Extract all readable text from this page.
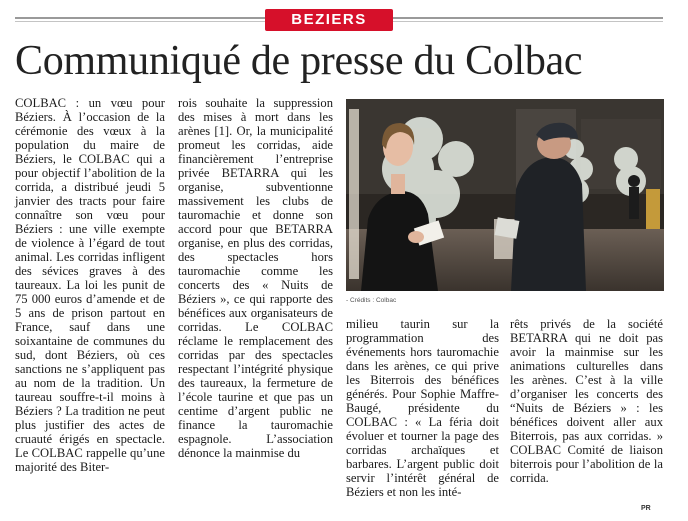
BEZIERS
Communiqué de presse du Colbac

COLBAC : un vœu pour Béziers. À l’occasion de la cérémonie des vœux à la population du maire de Béziers, le COLBAC qui a pour objectif l’abolition de la corrida, a distribué jeudi 5 janvier des tracts pour faire connaître son vœu pour Béziers : une ville exempte de violence à l’égard de tout animal. Les corridas infligent des sévices graves à des taureaux. La loi les punit de 75 000 euros d’amende et de 5 ans de prison partout en France, sauf dans une soixantaine de communes du sud, dont Béziers, où ces sanctions ne s’appliquent pas au nom de la tradition. Un taureau souffre-t-il moins à Béziers ? La tradition ne peut plus justifier des actes de cruauté érigés en spectacle. Le COLBAC rappelle qu’une majorité des Biter-

rois souhaite la suppression des mises à mort dans les arènes [1]. Or, la municipalité promeut les corridas, aide financièrement l’entreprise privée BETARRA qui les organise, subventionne massivement les clubs de tauromachie et donne son accord pour que BETARRA organise, en plus des corridas, des spectacles hors tauromachie comme les concerts des « Nuits de Béziers », ce qui rapporte des bénéfices aux organisateurs de corridas. Le COLBAC réclame le remplacement des corridas par des spectacles respectant l’intégrité physique des taureaux, la fermeture de l’école taurine et que pas un centime d’argent public ne finance la tauromachie espagnole. L’association dénonce la mainmise du

- Crédits : Colbac

milieu taurin sur la programmation des événements hors tauromachie dans les arènes, ce qui prive les Biterrois des bénéfices générés. Pour Sophie Maffre-Baugé, présidente du COLBAC : « La féria doit évoluer et tourner la page des corridas archaïques et barbares. L’argent public doit servir l’intérêt général de Béziers et non les inté-

rêts privés de la société BETARRA qui ne doit pas avoir la mainmise sur les animations culturelles dans les arènes. C’est à la ville d’organiser les concerts des “Nuits de Béziers » : les bénéfices doivent aller aux Biterrois, pas aux corridas. » COLBAC Comité de liaison biterrois pour l’abolition de la corrida.

PR
